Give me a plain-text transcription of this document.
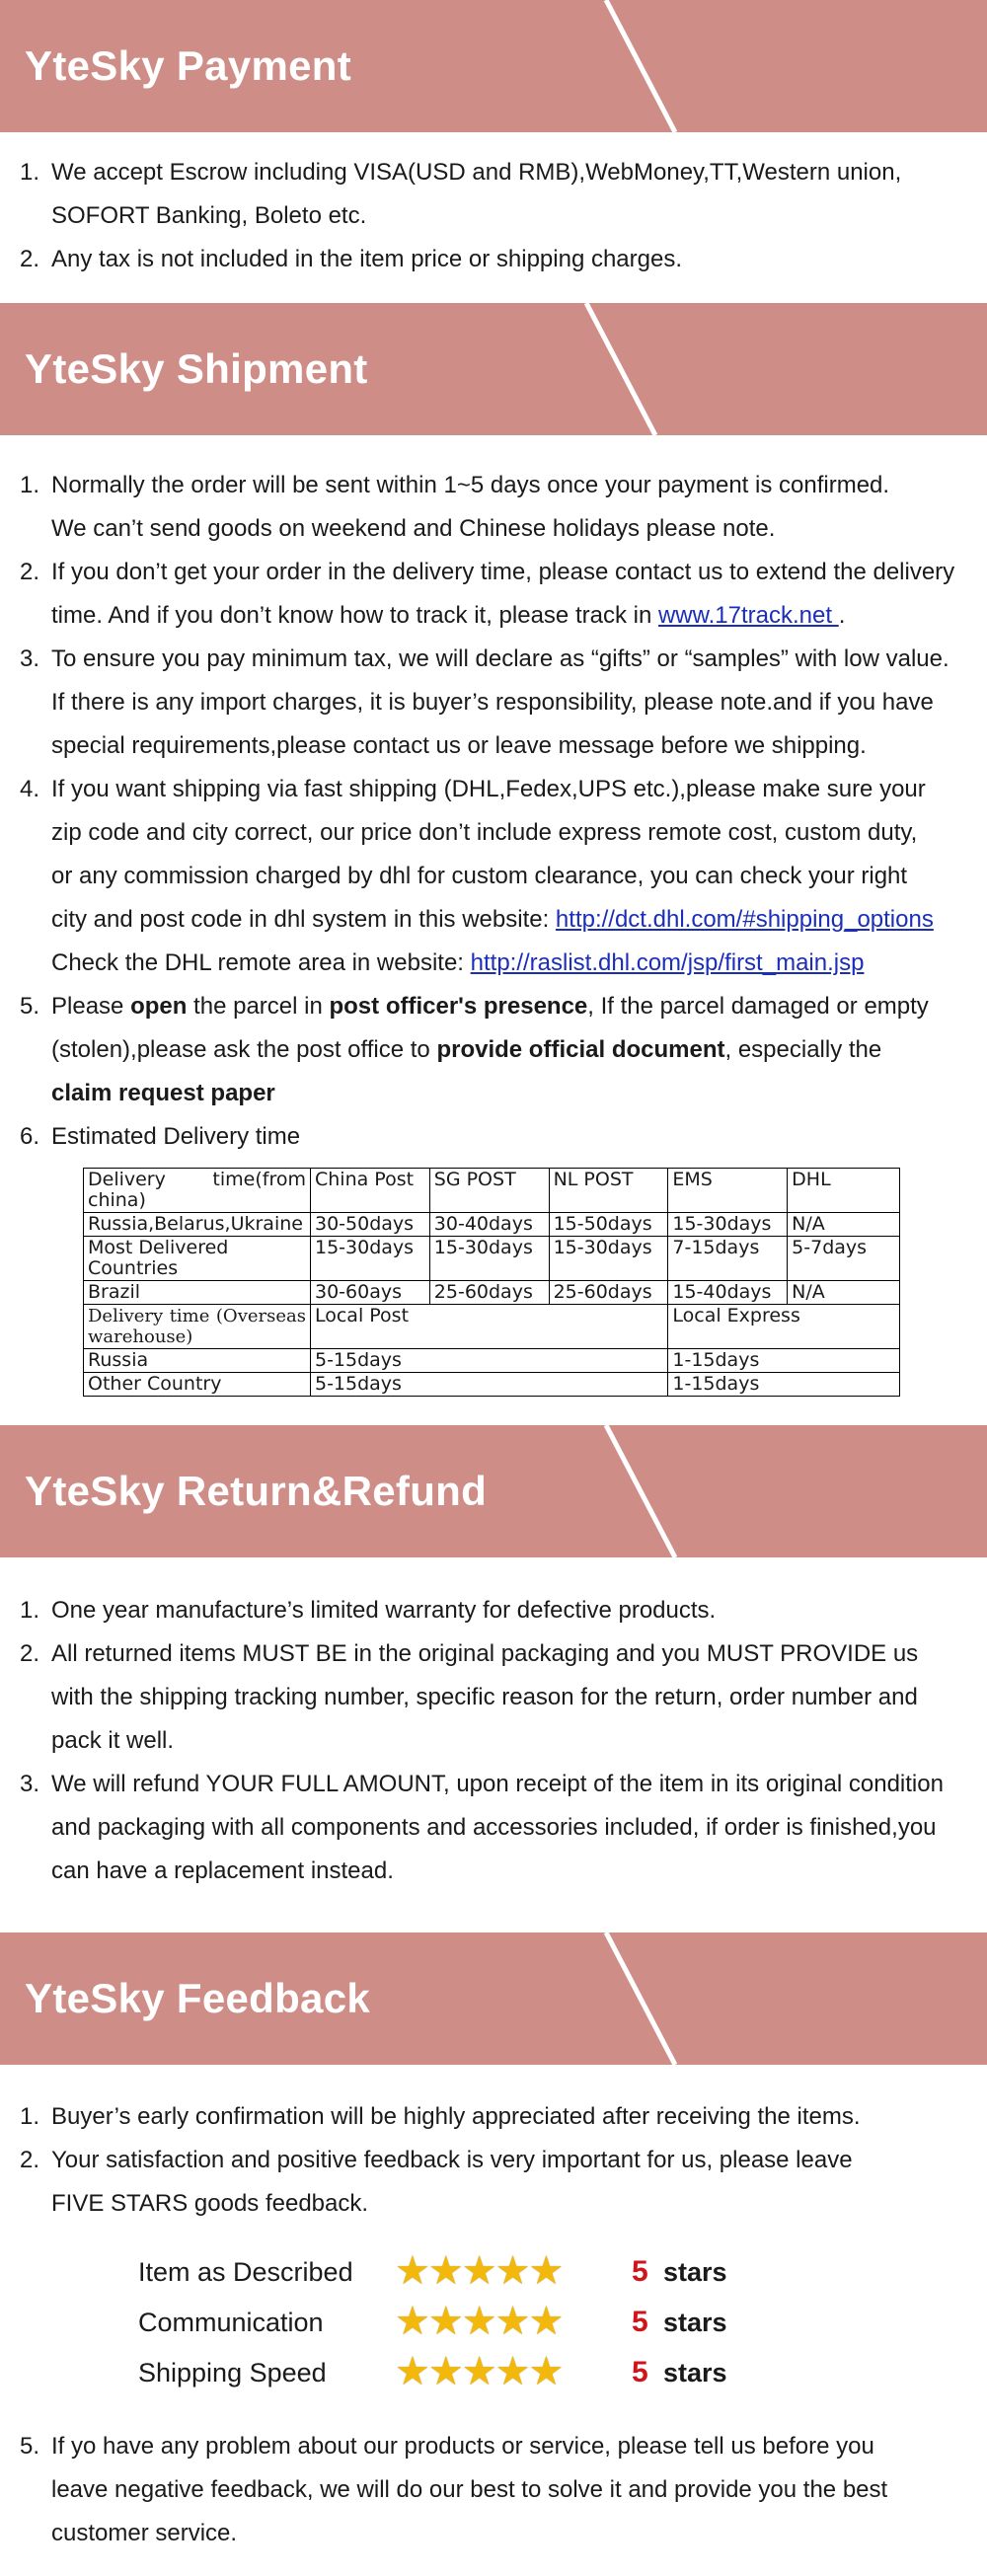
YteSky Payment
1. We accept Escrow including VISA(USD and RMB),WebMoney,TT,Western union,
SOFORT Banking, Boleto etc.
2. Any tax is not included in the item price or shipping charges.
YteSky Shipment
1. Normally the order will be sent within 1~5 days once your payment is confirmed.
We can’t send goods on weekend and Chinese holidays please note.
2. If you don’t get your order in the delivery time, please contact us to extend the delivery
time. And if you don’t know how to track it, please track in www.17track.net .
3. To ensure you pay minimum tax, we will declare as “gifts” or “samples” with low value.
If there is any import charges, it is buyer’s responsibility, please note.and if you have
special requirements,please contact us or leave message before we shipping.
4. If you want shipping via fast shipping (DHL,Fedex,UPS etc.),please make sure your
zip code and city correct, our price don’t include express remote cost, custom duty,
or any commission charged by dhl for custom clearance, you can check your right
city and post code in dhl system in this website: http://dct.dhl.com/#shipping_options
Check the DHL remote area in website: http://raslist.dhl.com/jsp/first_main.jsp
5. Please open the parcel in post officer's presence, If the parcel damaged or empty
(stolen),please ask the post office to provide official document, especially the
claim request paper
6. Estimated Delivery time
Delivery time(from china)	China Post	SG POST	NL POST	EMS	DHL
Russia,Belarus,Ukraine	30-50days	30-40days	15-50days	15-30days	N/A
Most Delivered Countries	15-30days	15-30days	15-30days	7-15days	5-7days
Brazil	30-60ays	25-60days	25-60days	15-40days	N/A
Delivery time (Overseas warehouse)	Local Post			Local Express	
Russia	5-15days			1-15days	
Other Country	5-15days			1-15days	
YteSky Return&Refund
1. One year manufacture’s limited warranty for defective products.
2. All returned items MUST BE in the original packaging and you MUST PROVIDE us
with the shipping tracking number, specific reason for the return, order number and
pack it well.
3. We will refund YOUR FULL AMOUNT, upon receipt of the item in its original condition
and packaging with all components and accessories included, if order is finished,you
can have a replacement instead.
YteSky Feedback
1. Buyer’s early confirmation will be highly appreciated after receiving the items.
2. Your satisfaction and positive feedback is very important for us, please leave
FIVE STARS goods feedback.
Item as Described ★★★★★ 5 stars
Communication ★★★★★ 5 stars
Shipping Speed ★★★★★ 5 stars
5. If yo have any problem about our products or service, please tell us before you
leave negative feedback, we will do our best to solve it and provide you the best
customer service.
